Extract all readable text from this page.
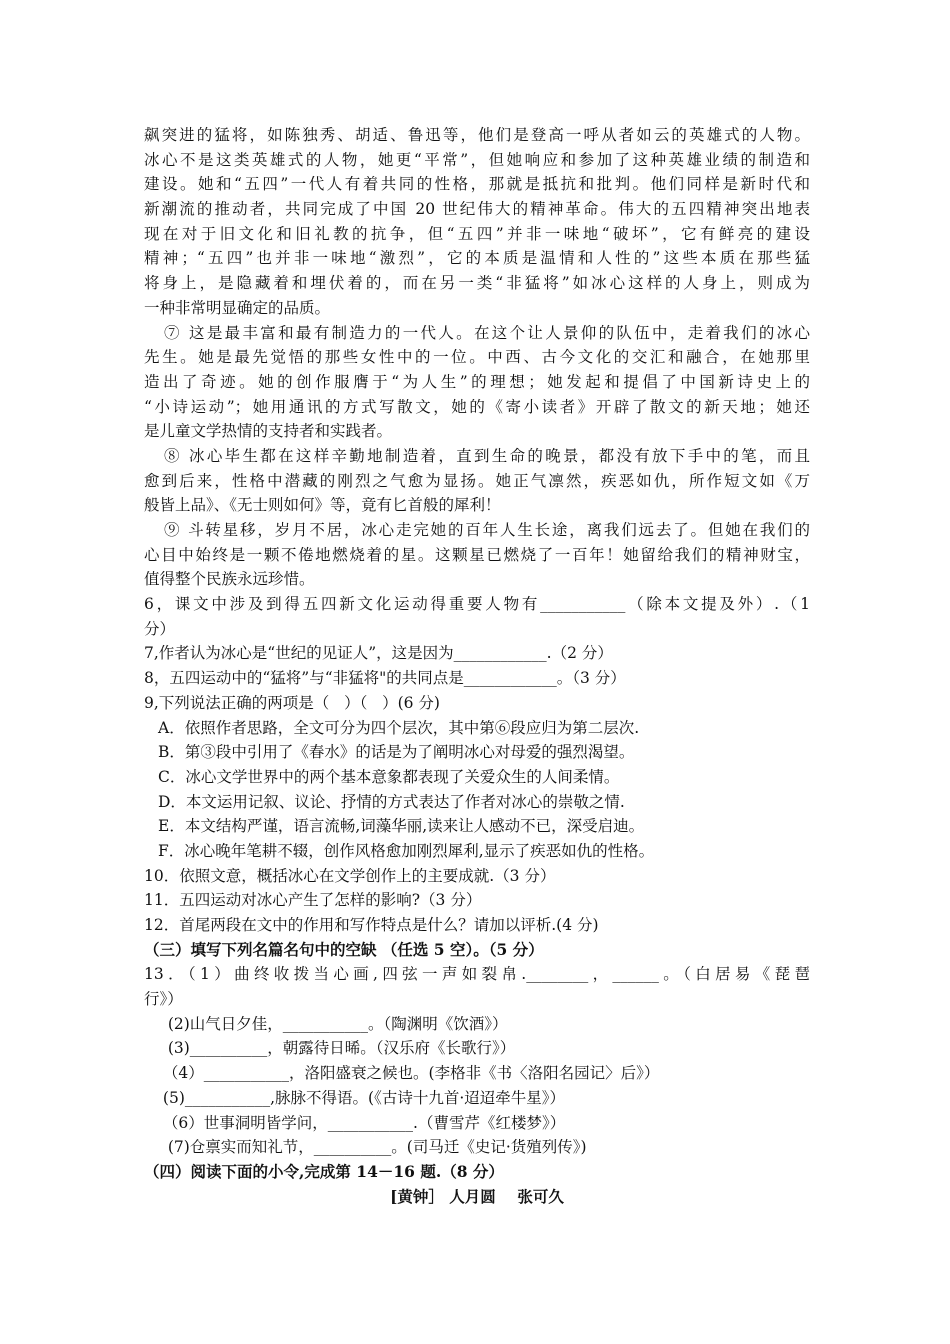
飙突进的猛将，如陈独秀、胡适、鲁迅等，他们是登高一呼从者如云的英雄式的人物。
冰心不是这类英雄式的人物，她更“平常”，但她响应和参加了这种英雄业绩的制造和
建设。她和“五四”一代人有着共同的性格，那就是抵抗和批判。他们同样是新时代和
新潮流的推动者，共同完成了中国 20 世纪伟大的精神革命。伟大的五四精神突出地表
现在对于旧文化和旧礼教的抗争，但“五四”并非一味地“破坏”，它有鲜亮的建设
精神；“五四”也并非一味地“激烈”，它的本质是温情和人性的”这些本质在那些猛
将身上，是隐藏着和埋伏着的，而在另一类“非猛将”如冰心这样的人身上，则成为
一种非常明显确定的品质。
⑦ 这是最丰富和最有制造力的一代人。在这个让人景仰的队伍中，走着我们的冰心
先生。她是最先觉悟的那些女性中的一位。中西、古今文化的交汇和融合，在她那里
造出了奇迹。她的创作服膺于“为人生”的理想；她发起和提倡了中国新诗史上的
“小诗运动”；她用通讯的方式写散文，她的《寄小读者》开辟了散文的新天地；她还
是儿童文学热情的支持者和实践者。
⑧ 冰心毕生都在这样辛勤地制造着，直到生命的晚景，都没有放下手中的笔，而且
愈到后来，性格中潜藏的刚烈之气愈为显扬。她正气凛然，疾恶如仇，所作短文如《万
般皆上品》、《无士则如何》等，竟有匕首般的犀利！
⑨ 斗转星移，岁月不居，冰心走完她的百年人生长途，离我们远去了。但她在我们的
心目中始终是一颗不倦地燃烧着的星。这颗星已燃烧了一百年！她留给我们的精神财宝，
值得整个民族永远珍惜。
6，课文中涉及到得五四新文化运动得重要人物有___________（除本文提及外）.（1
分）
7,作者认为冰心是“世纪的见证人”，这是因为____________.（2 分）
8，五四运动中的“猛将”与“非猛将"的共同点是____________。（3 分）
9,下列说法正确的两项是（   ）（   ）(6 分)
A．依照作者思路，全文可分为四个层次，其中第⑥段应归为第二层次.
B．第③段中引用了《春水》的话是为了阐明冰心对母爱的强烈渴望。
C．冰心文学世界中的两个基本意象都表现了关爱众生的人间柔情。
D．本文运用记叙、议论、抒情的方式表达了作者对冰心的崇敬之情.
E．本文结构严谨，语言流畅,词藻华丽,读来让人感动不已，深受启迪。
F．冰心晚年笔耕不辍，创作风格愈加刚烈犀利,显示了疾恶如仇的性格。
10．依照文意，概括冰心在文学创作上的主要成就.（3 分）
11．五四运动对冰心产生了怎样的影响?（3 分）
12．首尾两段在文中的作用和写作特点是什么？请加以评析.(4 分)
（三）填写下列名篇名句中的空缺 （任选 5 空）。（5 分）
13．（1）曲终收拨当心画,四弦一声如裂帛.________，______。（白居易《琵琶
行》）
(2)山气日夕佳，___________。（陶渊明《饮酒》）
(3)__________，朝露待日晞。（汉乐府《长歌行》）
（4）___________，洛阳盛衰之候也。(李格非《书〈洛阳名园记〉后》）
(5)___________,脉脉不得语。(《古诗十九首·迢迢牵牛星》）
（6）世事洞明皆学问，___________.（曹雪芹《红楼梦》）
(7)仓禀实而知礼节，__________。(司马迁《史记·货殖列传》)
（四）阅读下面的小令,完成第 14－16 题.（8 分）
[黄钟］ 人月圆    张可久
